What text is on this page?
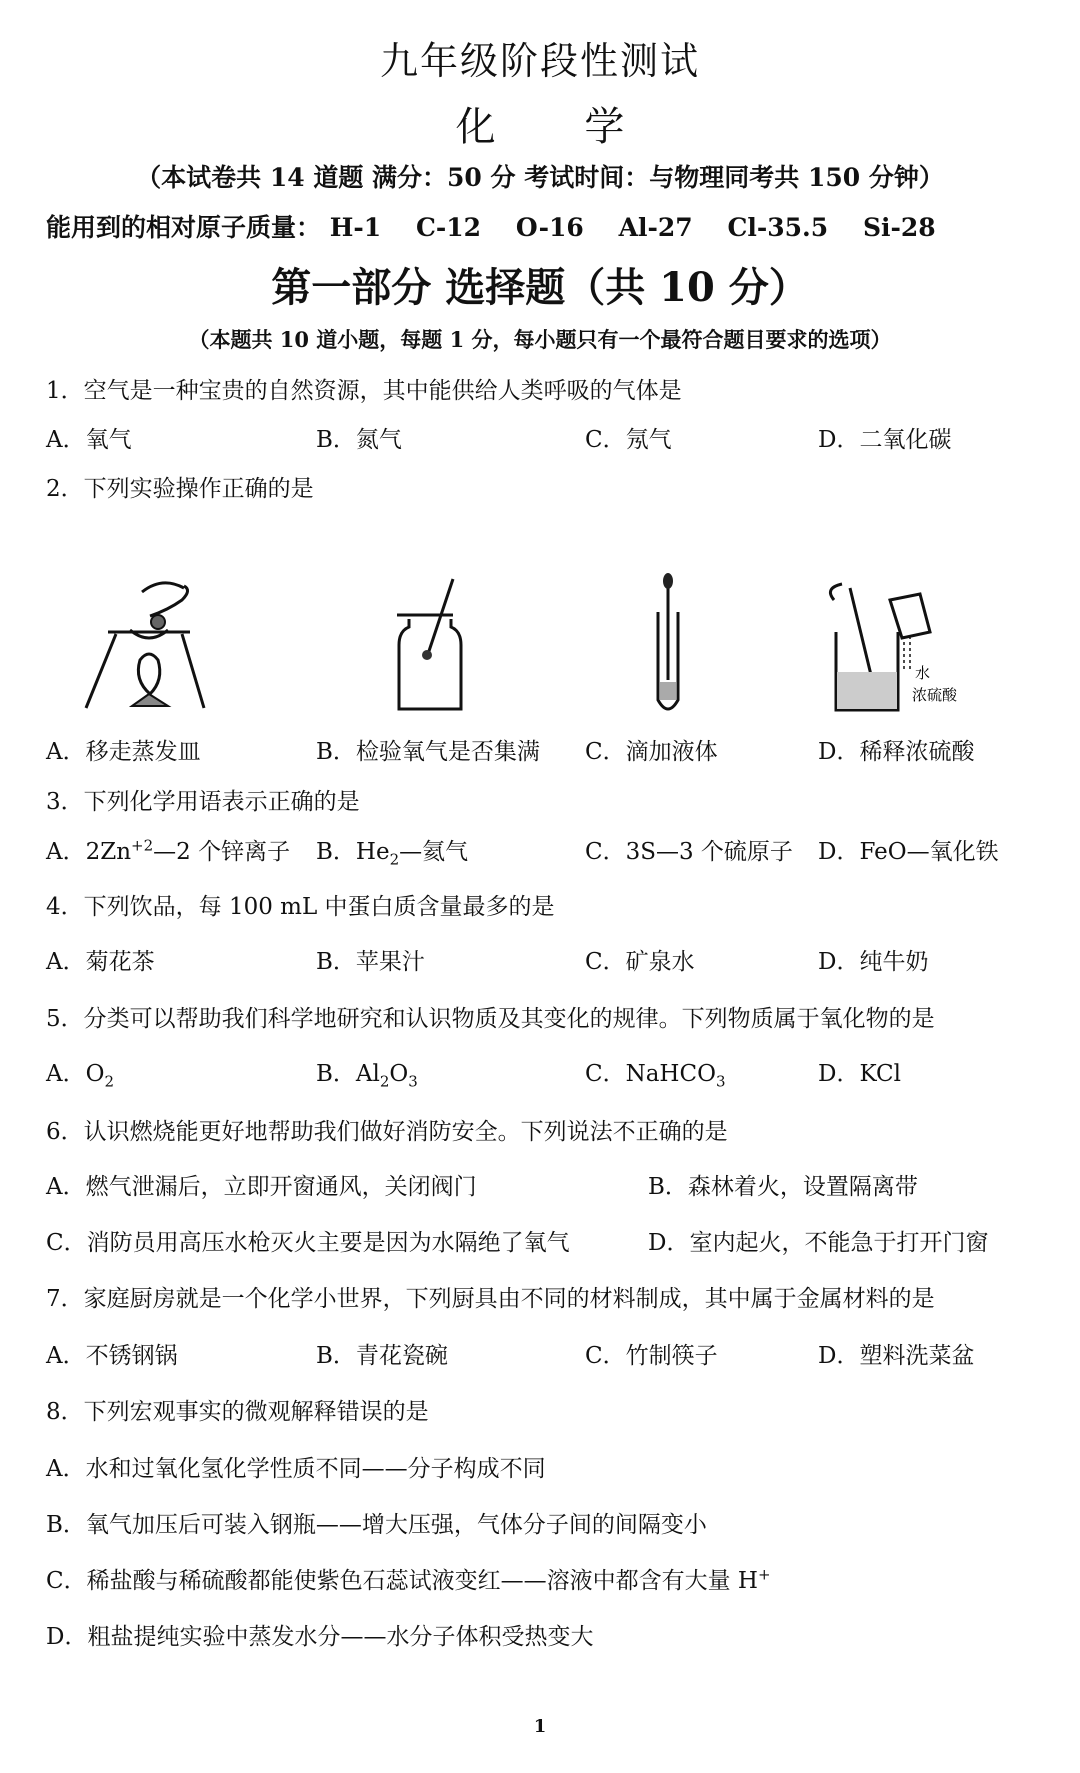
九年级阶段性测试
化 学
（本试卷共 14 道题 满分：50 分 考试时间：与物理同考共 150 分钟）
能用到的相对原子质量： H-1 C-12 O-16 Al-27 Cl-35.5 Si-28
第一部分 选择题（共 10 分）
（本题共 10 道小题，每题 1 分，每小题只有一个最符合题目要求的选项）
1．空气是一种宝贵的自然资源，其中能供给人类呼吸的气体是
A．氧气	B．氮气	C．氖气	D．二氧化碳
2．下列实验操作正确的是
水
浓硫酸
A．移走蒸发皿	B．检验氧气是否集满 C．滴加液体	D．稀释浓硫酸
3．下列化学用语表示正确的是
A．$2Zn^{+2}—2$ 个锌离子 B．$He_2—$氦气	C．3S—3 个硫原子 D．FeO—氧化铁
4．下列饮品，每 100 mL 中蛋白质含量最多的是
A．菊花茶	B．苹果汁	C．矿泉水	D．纯牛奶
5．分类可以帮助我们科学地研究和认识物质及其变化的规律。下列物质属于氧化物的是
A．$O_2$	B．$Al_2O_3$	C．NaHCO$_3$	D．KCl
6．认识燃烧能更好地帮助我们做好消防安全。下列说法不正确的是
A．燃气泄漏后，立即开窗通风，关闭阀门	B．森林着火，设置隔离带
C．消防员用高压水枪灭火主要是因为水隔绝了氧气	D．室内起火，不能急于打开门窗
7．家庭厨房就是一个化学小世界，下列厨具由不同的材料制成，其中属于金属材料的是
A．不锈钢锅	B．青花瓷碗	C．竹制筷子	D．塑料洗菜盆
8．下列宏观事实的微观解释错误的是
A．水和过氧化氢化学性质不同——分子构成不同
B．氧气加压后可装入钢瓶——增大压强，气体分子间的间隔变小
C．稀盐酸与稀硫酸都能使紫色石蕊试液变红——溶液中都含有大量 H+
D．粗盐提纯实验中蒸发水分——水分子体积受热变大
1
